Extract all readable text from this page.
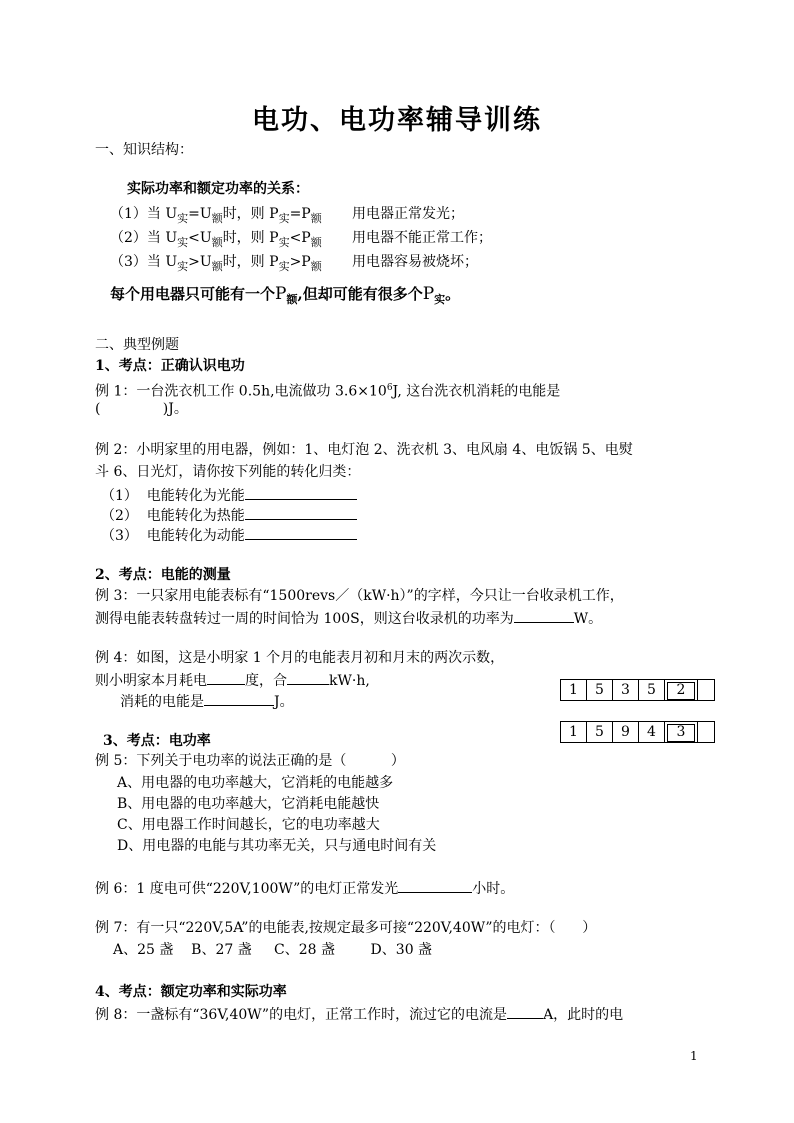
电功、电功率辅导训练
一、知识结构：
实际功率和额定功率的关系：
（1）当 $U_实=U_额$时，则 $P_实=P_额$ 用电器正常发光；
（2）当 $U_实<U_额$时，则 $P_实<P_额$ 用电器不能正常工作；
（3）当 $U_实>U_额$时，则 $P_实>P_额$ 用电器容易被烧坏；
每个用电器只可能有一个$P_额$,但却可能有很多个$P_实$。
二、典型例题
1、考点：正确认识电功
例 1：一台洗衣机工作 0.5h,电流做功 $3.6\times 10^6J$, 这台洗衣机消耗的电能是
(              )J。
例 2：小明家里的用电器，例如：1、电灯泡 2、洗衣机 3、电风扇 4、电饭锅 5、电熨
斗 6、日光灯，请你按下列能的转化归类：
（1）  电能转化为光能
（2）  电能转化为热能
（3）  电能转化为动能
2、考点：电能的测量
例 3：一只家用电能表标有“1500revs／（kW·h）”的字样，今只让一台收录机工作，
测得电能表转盘转过一周的时间恰为 100S，则这台收录机的功率为	W。
例 4：如图，这是小明家 1 个月的电能表月初和月末的两次示数，
则小明家本月耗电	度，合	kW·h,
消耗的电能是	J。
1	5	3	5	2
1	5	9	4	3
3、考点：电功率
例 5：下列关于电功率的说法正确的是（          ）
A、用电器的电功率越大，它消耗的电能越多
B、用电器的电功率越大，它消耗电能越快
C、用电器工作时间越长，它的电功率越大
D、用电器的电能与其功率无关，只与通电时间有关
例 6：1 度电可供“220V,100W”的电灯正常发光	小时。
例 7：有一只“220V,5A”的电能表,按规定最多可接“220V,40W”的电灯：（      ）
A、25 盏    B、27 盏     C、28 盏        D、30 盏
4、考点：额定功率和实际功率
例 8：一盏标有“36V,40W”的电灯，正常工作时，流过它的电流是	A，此时的电
1
